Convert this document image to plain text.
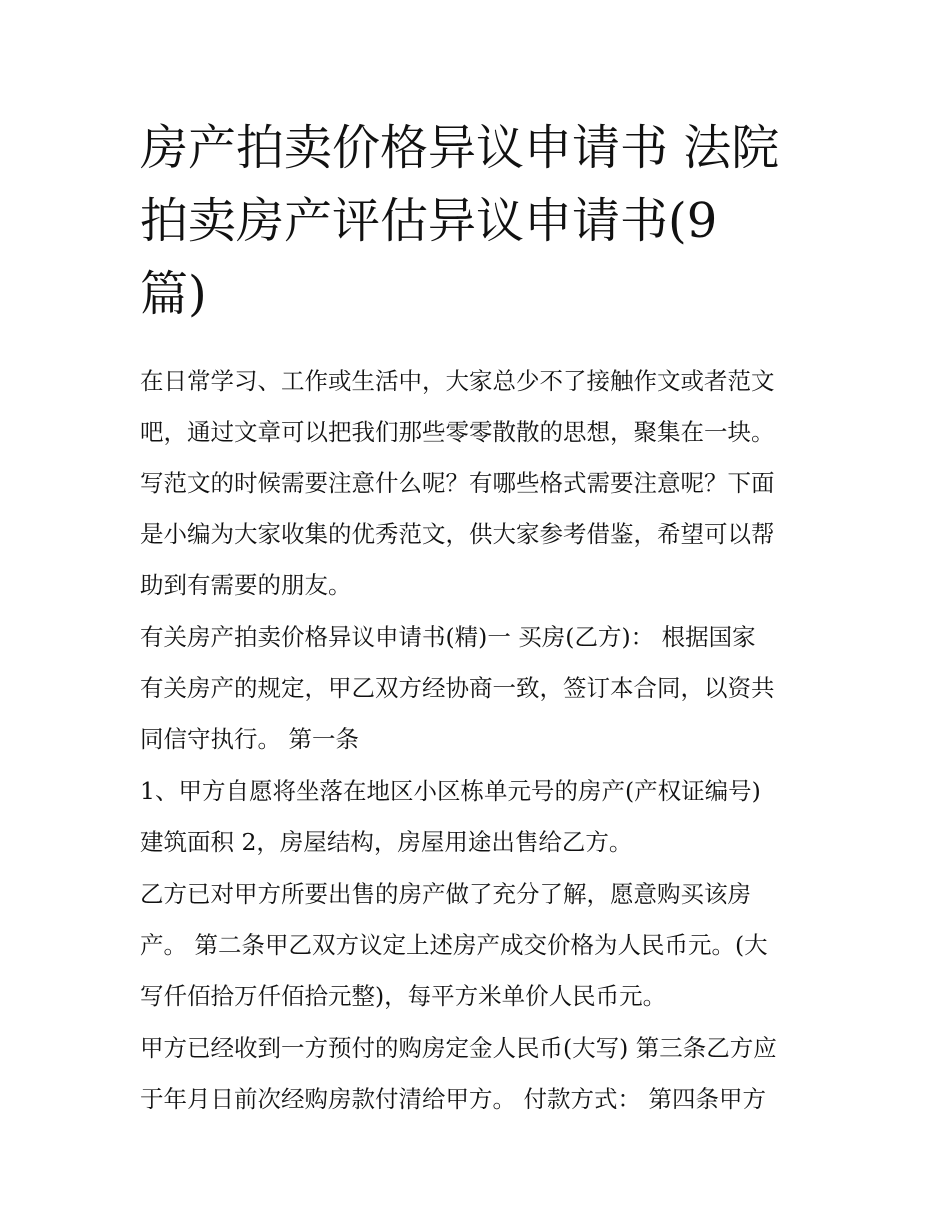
房产拍卖价格异议申请书 法院
拍卖房产评估异议申请书(9
篇)

在日常学习、工作或生活中，大家总少不了接触作文或者范文
吧，通过文章可以把我们那些零零散散的思想，聚集在一块。
写范文的时候需要注意什么呢？有哪些格式需要注意呢？下面
是小编为大家收集的优秀范文，供大家参考借鉴，希望可以帮
助到有需要的朋友。

有关房产拍卖价格异议申请书(精)一 买房(乙方)： 根据国家
有关房产的规定，甲乙双方经协商一致，签订本合同，以资共
同信守执行。 第一条

1、甲方自愿将坐落在地区小区栋单元号的房产(产权证编号)
建筑面积 2，房屋结构，房屋用途出售给乙方。

乙方已对甲方所要出售的房产做了充分了解，愿意购买该房
产。 第二条甲乙双方议定上述房产成交价格为人民币元。(大
写仟佰拾万仟佰拾元整)，每平方米单价人民币元。

甲方已经收到一方预付的购房定金人民币(大写) 第三条乙方应
于年月日前次经购房款付清给甲方。 付款方式： 第四条甲方
